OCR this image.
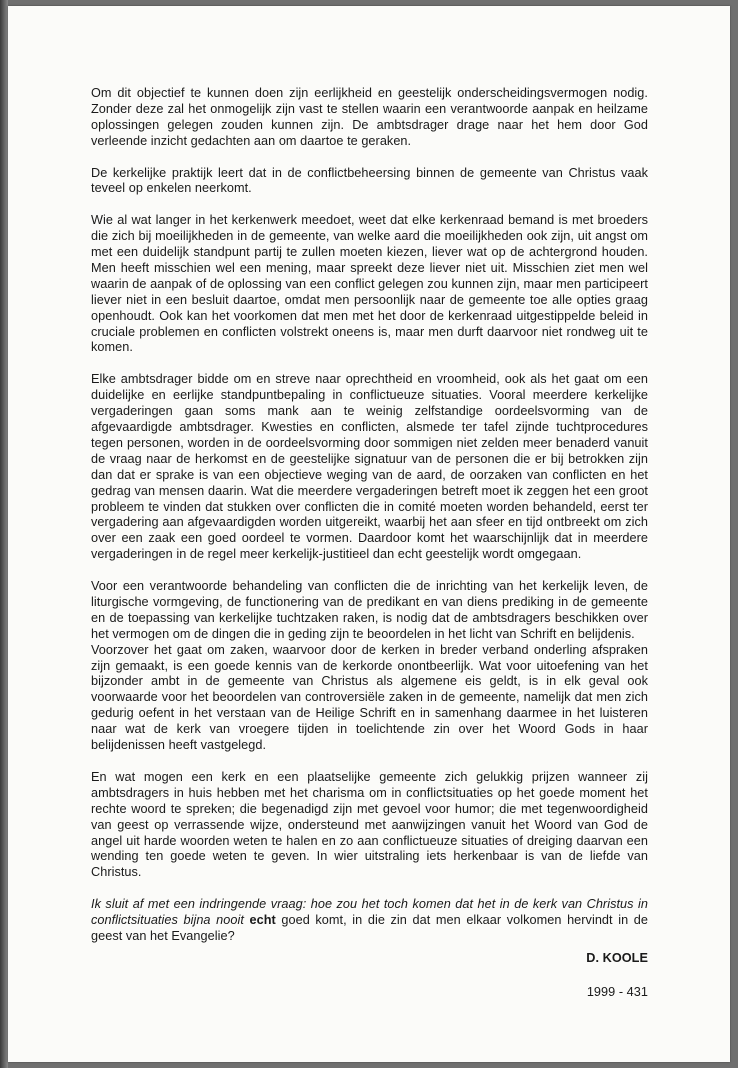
Om dit objectief te kunnen doen zijn eerlijkheid en geestelijk onderscheidingsvermogen nodig. Zonder deze zal het onmogelijk zijn vast te stellen waarin een verantwoorde aanpak en heilzame oplossingen gelegen zouden kunnen zijn. De ambtsdrager drage naar het hem door God verleende inzicht gedachten aan om daartoe te geraken.

De kerkelijke praktijk leert dat in de conflictbeheersing binnen de gemeente van Christus vaak teveel op enkelen neerkomt.

Wie al wat langer in het kerkenwerk meedoet, weet dat elke kerkenraad bemand is met broeders die zich bij moeilijkheden in de gemeente, van welke aard die moeilijkheden ook zijn, uit angst om met een duidelijk standpunt partij te zullen moeten kiezen, liever wat op de achtergrond houden. Men heeft misschien wel een mening, maar spreekt deze liever niet uit. Misschien ziet men wel waarin de aanpak of de oplossing van een conflict gelegen zou kunnen zijn, maar men participeert liever niet in een besluit daartoe, omdat men persoonlijk naar de gemeente toe alle opties graag openhoudt. Ook kan het voorkomen dat men met het door de kerkenraad uitgestippelde beleid in cruciale problemen en conflicten volstrekt oneens is, maar men durft daarvoor niet rondweg uit te komen.

Elke ambtsdrager bidde om en streve naar oprechtheid en vroomheid, ook als het gaat om een duidelijke en eerlijke standpuntbepaling in conflictueuze situaties. Vooral meerdere kerkelijke vergaderingen gaan soms mank aan te weinig zelfstandige oordeelsvorming van de afgevaardigde ambtsdrager. Kwesties en conflicten, alsmede ter tafel zijnde tuchtprocedures tegen personen, worden in de oordeelsvorming door sommigen niet zelden meer benaderd vanuit de vraag naar de herkomst en de geestelijke signatuur van de personen die er bij betrokken zijn dan dat er sprake is van een objectieve weging van de aard, de oorzaken van conflicten en het gedrag van mensen daarin. Wat die meerdere vergaderingen betreft moet ik zeggen het een groot probleem te vinden dat stukken over conflicten die in comité moeten worden behandeld, eerst ter vergadering aan afgevaardigden worden uitgereikt, waarbij het aan sfeer en tijd ontbreekt om zich over een zaak een goed oordeel te vormen. Daardoor komt het waarschijnlijk dat in meerdere vergaderingen in de regel meer kerkelijk-justitieel dan echt geestelijk wordt omgegaan.

Voor een verantwoorde behandeling van conflicten die de inrichting van het kerkelijk leven, de liturgische vormgeving, de functionering van de predikant en van diens prediking in de gemeente en de toepassing van kerkelijke tuchtzaken raken, is nodig dat de ambtsdragers beschikken over het vermogen om de dingen die in geding zijn te beoordelen in het licht van Schrift en belijdenis.

Voorzover het gaat om zaken, waarvoor door de kerken in breder verband onderling afspraken zijn gemaakt, is een goede kennis van de kerkorde onontbeerlijk. Wat voor uitoefening van het bijzonder ambt in de gemeente van Christus als algemene eis geldt, is in elk geval ook voorwaarde voor het beoordelen van controversiële zaken in de gemeente, namelijk dat men zich gedurig oefent in het verstaan van de Heilige Schrift en in samenhang daarmee in het luisteren naar wat de kerk van vroegere tijden in toelichtende zin over het Woord Gods in haar belijdenissen heeft vastgelegd.

En wat mogen een kerk en een plaatselijke gemeente zich gelukkig prijzen wanneer zij ambtsdragers in huis hebben met het charisma om in conflictsituaties op het goede moment het rechte woord te spreken; die begenadigd zijn met gevoel voor humor; die met tegenwoordigheid van geest op verrassende wijze, ondersteund met aanwijzingen vanuit het Woord van God de angel uit harde woorden weten te halen en zo aan conflictueuze situaties of dreiging daarvan een wending ten goede weten te geven. In wier uitstraling iets herkenbaar is van de liefde van Christus.

Ik sluit af met een indringende vraag: hoe zou het toch komen dat het in de kerk van Christus in conflictsituaties bijna nooit echt goed komt, in die zin dat men elkaar volkomen hervindt in de geest van het Evangelie?

D. KOOLE
1999 - 431
